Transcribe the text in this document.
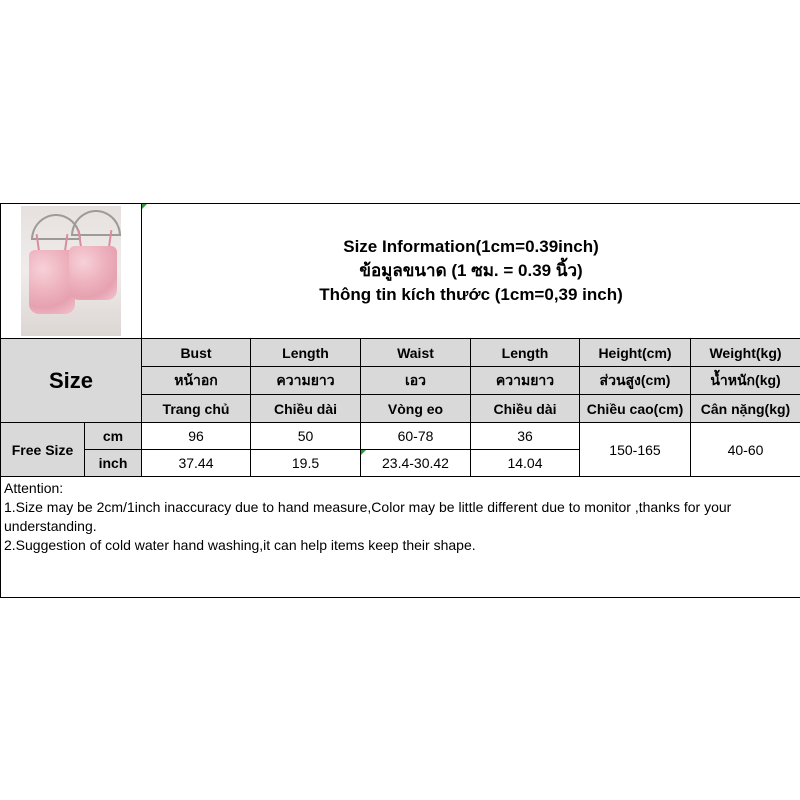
		Size Information(1cm=0.39inch)
ข้อมูลขนาด (1 ซม. = 0.39 นิ้ว)
Thông tin kích thước (1cm=0,39 inch)					

Size		Bust	Length	Waist	Length	Height(cm)	Weight(kg)
		หน้าอก	ความยาว	เอว	ความยาว	ส่วนสูง(cm)	น้ำหนัก(kg)
		Trang chủ	Chiều dài	Vòng eo	Chiều dài	Chiều cao(cm)	Cân nặng(kg)
Free Size	cm	96	50	60-78	36	150-165	40-60
	inch	37.44	19.5	23.4-30.42	14.04		

Attention:

1.Size may be 2cm/1inch inaccuracy due to hand measure,Color may be little different due to monitor ,thanks for your understanding.

2.Suggestion of cold water hand washing,it can help items keep their shape.							
